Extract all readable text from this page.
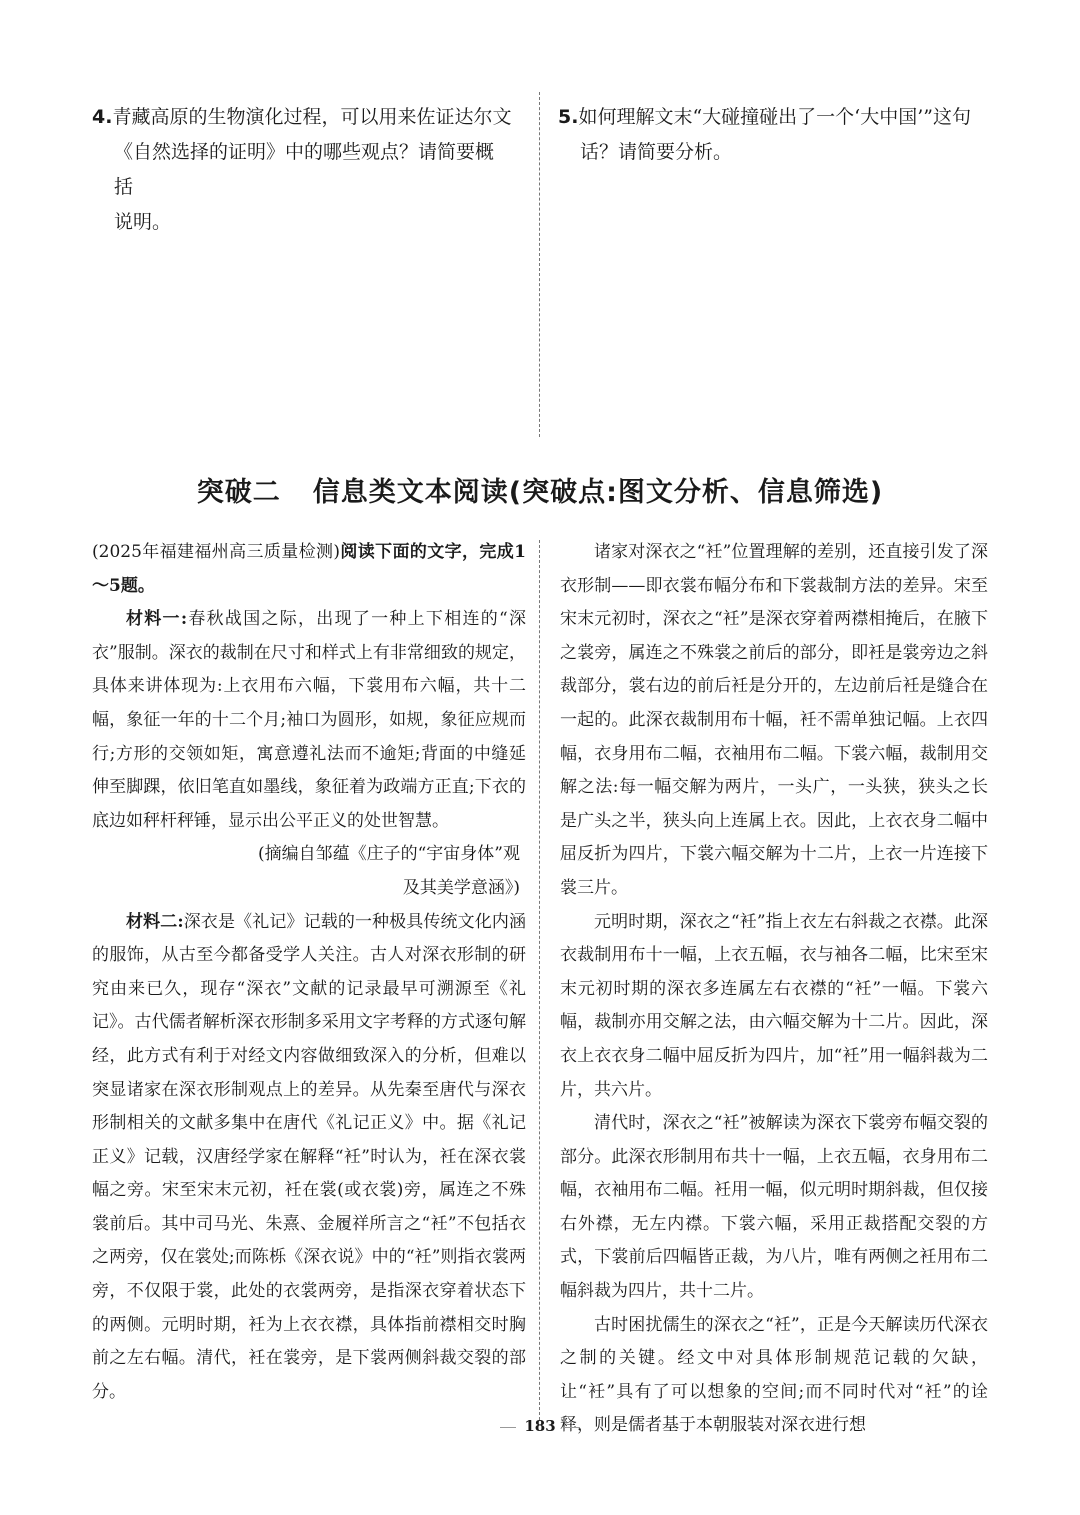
4.青藏高原的生物演化过程，可以用来佐证达尔文
《自然选择的证明》中的哪些观点？请简要概括
说明。
5.如何理解文末“大碰撞碰出了一个‘大中国’”这句
话？请简要分析。
突破二 信息类文本阅读(突破点:图文分析、信息筛选)

(2025年福建福州高三质量检测)阅读下面的文字，完成1～5题。

材料一:春秋战国之际，出现了一种上下相连的“深衣”服制。深衣的裁制在尺寸和样式上有非常细致的规定，具体来讲体现为:上衣用布六幅，下裳用布六幅，共十二幅，象征一年的十二个月;袖口为圆形，如规，象征应规而行;方形的交领如矩，寓意遵礼法而不逾矩;背面的中缝延伸至脚踝，依旧笔直如墨线，象征着为政端方正直;下衣的底边如秤杆秤锤，显示出公平正义的处世智慧。

(摘编自邹蕴《庄子的“宇宙身体”观

及其美学意涵》)

材料二:深衣是《礼记》记载的一种极具传统文化内涵的服饰，从古至今都备受学人关注。古人对深衣形制的研究由来已久，现存“深衣”文献的记录最早可溯源至《礼记》。古代儒者解析深衣形制多采用文字考释的方式逐句解经，此方式有利于对经文内容做细致深入的分析，但难以突显诸家在深衣形制观点上的差异。从先秦至唐代与深衣形制相关的文献多集中在唐代《礼记正义》中。据《礼记正义》记载，汉唐经学家在解释“衽”时认为，衽在深衣裳幅之旁。宋至宋末元初，衽在裳(或衣裳)旁，属连之不殊裳前后。其中司马光、朱熹、金履祥所言之“衽”不包括衣之两旁，仅在裳处;而陈栎《深衣说》中的“衽”则指衣裳两旁，不仅限于裳，此处的衣裳两旁，是指深衣穿着状态下的两侧。元明时期，衽为上衣衣襟，具体指前襟相交时胸前之左右幅。清代，衽在裳旁，是下裳两侧斜裁交裂的部分。

诸家对深衣之“衽”位置理解的差别，还直接引发了深衣形制——即衣裳布幅分布和下裳裁制方法的差异。宋至宋末元初时，深衣之“衽”是深衣穿着两襟相掩后，在腋下之裳旁，属连之不殊裳之前后的部分，即衽是裳旁边之斜裁部分，裳右边的前后衽是分开的，左边前后衽是缝合在一起的。此深衣裁制用布十幅，衽不需单独记幅。上衣四幅，衣身用布二幅，衣袖用布二幅。下裳六幅，裁制用交解之法:每一幅交解为两片，一头广，一头狭，狭头之长是广头之半，狭头向上连属上衣。因此，上衣衣身二幅中屈反折为四片，下裳六幅交解为十二片，上衣一片连接下裳三片。

元明时期，深衣之“衽”指上衣左右斜裁之衣襟。此深衣裁制用布十一幅，上衣五幅，衣与袖各二幅，比宋至宋末元初时期的深衣多连属左右衣襟的“衽”一幅。下裳六幅，裁制亦用交解之法，由六幅交解为十二片。因此，深衣上衣衣身二幅中屈反折为四片，加“衽”用一幅斜裁为二片，共六片。

清代时，深衣之“衽”被解读为深衣下裳旁布幅交裂的部分。此深衣形制用布共十一幅，上衣五幅，衣身用布二幅，衣袖用布二幅。衽用一幅，似元明时期斜裁，但仅接右外襟，无左内襟。下裳六幅，采用正裁搭配交裂的方式，下裳前后四幅皆正裁，为八片，唯有两侧之衽用布二幅斜裁为四片，共十二片。

古时困扰儒生的深衣之“衽”，正是今天解读历代深衣之制的关键。经文中对具体形制规范记载的欠缺，让“衽”具有了可以想象的空间;而不同时代对“衽”的诠释，则是儒者基于本朝服装对深衣进行想

183
